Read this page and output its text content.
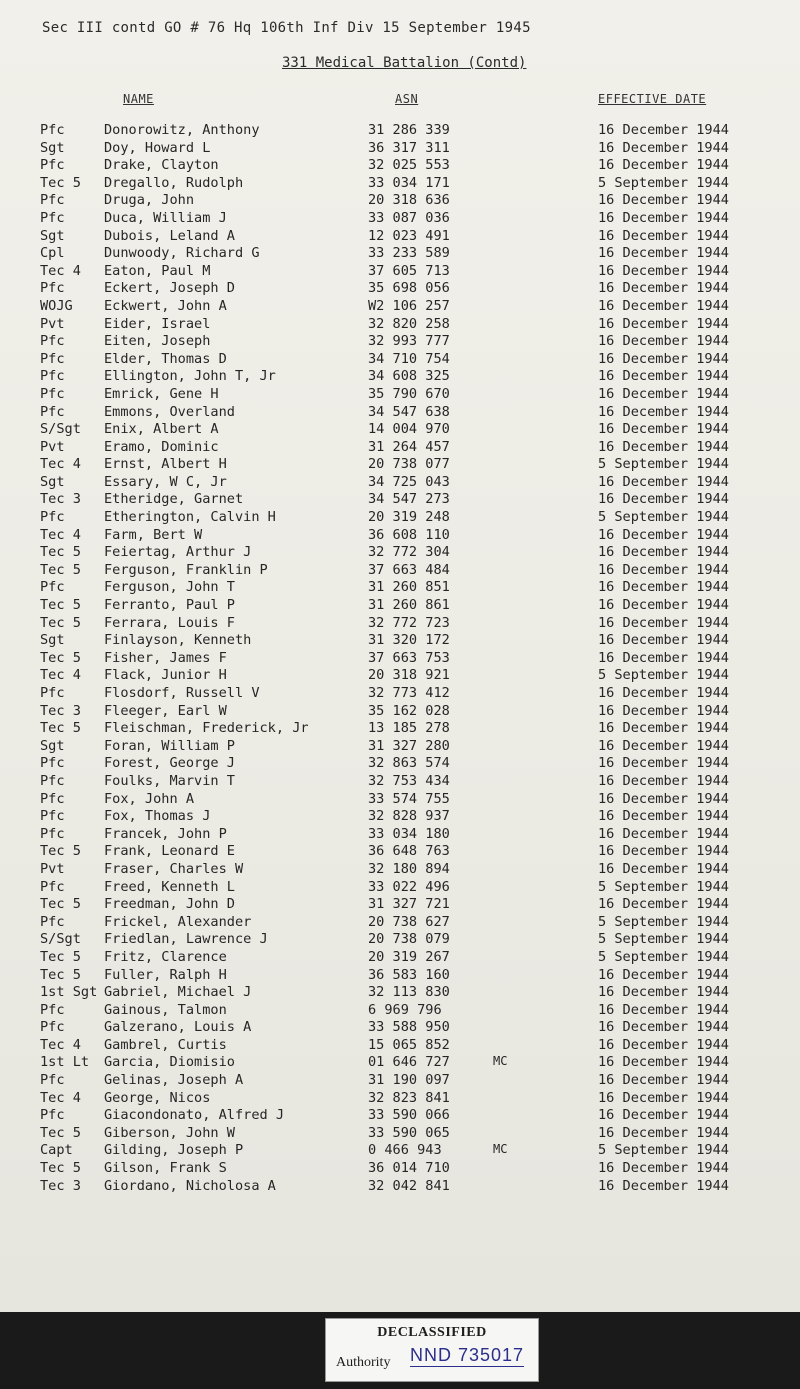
Sec III contd GO # 76 Hq 106th Inf Div 15 September 1945
331 Medical Battalion (Contd)
NAME	ASN	EFFECTIVE DATE
Pfc	Donorowitz, Anthony	31 286 339	16 December 1944
Sgt	Doy, Howard L	36 317 311	16 December 1944
Pfc	Drake, Clayton	32 025 553	16 December 1944
Tec 5	Dregallo, Rudolph	33 034 171	5 September 1944
Pfc	Druga, John	20 318 636	16 December 1944
Pfc	Duca, William J	33 087 036	16 December 1944
Sgt	Dubois, Leland A	12 023 491	16 December 1944
Cpl	Dunwoody, Richard G	33 233 589	16 December 1944
Tec 4	Eaton, Paul M	37 605 713	16 December 1944
Pfc	Eckert, Joseph D	35 698 056	16 December 1944
WOJG	Eckwert, John A	W2 106 257	16 December 1944
Pvt	Eider, Israel	32 820 258	16 December 1944
Pfc	Eiten, Joseph	32 993 777	16 December 1944
Pfc	Elder, Thomas D	34 710 754	16 December 1944
Pfc	Ellington, John T, Jr	34 608 325	16 December 1944
Pfc	Emrick, Gene H	35 790 670	16 December 1944
Pfc	Emmons, Overland	34 547 638	16 December 1944
S/Sgt	Enix, Albert A	14 004 970	16 December 1944
Pvt	Eramo, Dominic	31 264 457	16 December 1944
Tec 4	Ernst, Albert H	20 738 077	5 September 1944
Sgt	Essary, W C, Jr	34 725 043	16 December 1944
Tec 3	Etheridge, Garnet	34 547 273	16 December 1944
Pfc	Etherington, Calvin H	20 319 248	5 September 1944
Tec 4	Farm, Bert W	36 608 110	16 December 1944
Tec 5	Feiertag, Arthur J	32 772 304	16 December 1944
Tec 5	Ferguson, Franklin P	37 663 484	16 December 1944
Pfc	Ferguson, John T	31 260 851	16 December 1944
Tec 5	Ferranto, Paul P	31 260 861	16 December 1944
Tec 5	Ferrara, Louis F	32 772 723	16 December 1944
Sgt	Finlayson, Kenneth	31 320 172	16 December 1944
Tec 5	Fisher, James F	37 663 753	16 December 1944
Tec 4	Flack, Junior H	20 318 921	5 September 1944
Pfc	Flosdorf, Russell V	32 773 412	16 December 1944
Tec 3	Fleeger, Earl W	35 162 028	16 December 1944
Tec 5	Fleischman, Frederick, Jr	13 185 278	16 December 1944
Sgt	Foran, William P	31 327 280	16 December 1944
Pfc	Forest, George J	32 863 574	16 December 1944
Pfc	Foulks, Marvin T	32 753 434	16 December 1944
Pfc	Fox, John A	33 574 755	16 December 1944
Pfc	Fox, Thomas J	32 828 937	16 December 1944
Pfc	Francek, John P	33 034 180	16 December 1944
Tec 5	Frank, Leonard E	36 648 763	16 December 1944
Pvt	Fraser, Charles W	32 180 894	16 December 1944
Pfc	Freed, Kenneth L	33 022 496	5 September 1944
Tec 5	Freedman, John D	31 327 721	16 December 1944
Pfc	Frickel, Alexander	20 738 627	5 September 1944
S/Sgt	Friedlan, Lawrence J	20 738 079	5 September 1944
Tec 5	Fritz, Clarence	20 319 267	5 September 1944
Tec 5	Fuller, Ralph H	36 583 160	16 December 1944
1st Sgt Gabriel, Michael J	32 113 830	16 December 1944
Pfc	Gainous, Talmon	6 969 796	16 December 1944
Pfc	Galzerano, Louis A	33 588 950	16 December 1944
Tec 4	Gambrel, Curtis	15 065 852	16 December 1944
1st Lt	Garcia, Diomisio	01 646 727	MC	16 December 1944
Pfc	Gelinas, Joseph A	31 190 097	16 December 1944
Tec 4	George, Nicos	32 823 841	16 December 1944
Pfc	Giacondonato, Alfred J	33 590 066	16 December 1944
Tec 5	Giberson, John W	33 590 065	16 December 1944
Capt	Gilding, Joseph P	0 466 943	MC	5 September 1944
Tec 5	Gilson, Frank S	36 014 710	16 December 1944
Tec 3	Giordano, Nicholosa A	32 042 841	16 December 1944
DECLASSIFIED
Authority NND 735017
